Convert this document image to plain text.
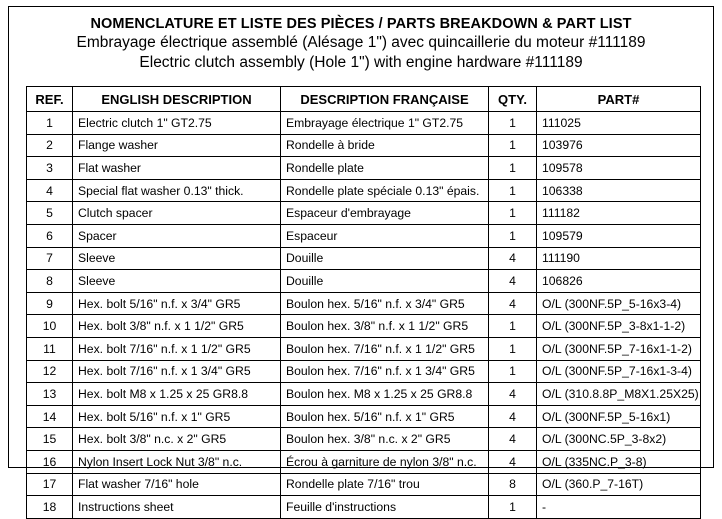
NOMENCLATURE ET LISTE DES PIÈCES / PARTS BREAKDOWN & PART LIST
Embrayage électrique assemblé (Alésage 1") avec quincaillerie du moteur #111189
Electric clutch assembly (Hole 1") with engine hardware #111189
REF.	ENGLISH DESCRIPTION	DESCRIPTION FRANÇAISE	QTY.	PART#
1	Electric clutch 1" GT2.75	Embrayage électrique 1" GT2.75	1	111025
2	Flange washer	Rondelle à bride	1	103976
3	Flat washer	Rondelle plate	1	109578
4	Special flat washer 0.13" thick.	Rondelle plate spéciale 0.13" épais.	1	106338
5	Clutch spacer	Espaceur d'embrayage	1	111182
6	Spacer	Espaceur	1	109579
7	Sleeve	Douille	4	111190
8	Sleeve	Douille	4	106826
9	Hex. bolt 5/16" n.f. x 3/4" GR5	Boulon hex. 5/16" n.f. x 3/4" GR5	4	O/L (300NF.5P_5-16x3-4)
10	Hex. bolt 3/8" n.f. x 1 1/2" GR5	Boulon hex. 3/8" n.f. x 1 1/2" GR5	1	O/L (300NF.5P_3-8x1-1-2)
11	Hex. bolt 7/16" n.f. x 1 1/2" GR5	Boulon hex. 7/16" n.f. x 1 1/2" GR5	1	O/L (300NF.5P_7-16x1-1-2)
12	Hex. bolt 7/16" n.f. x 1 3/4" GR5	Boulon hex. 7/16" n.f. x 1 3/4" GR5	1	O/L (300NF.5P_7-16x1-3-4)
13	Hex. bolt M8 x 1.25 x 25 GR8.8	Boulon hex. M8 x 1.25 x 25 GR8.8	4	O/L (310.8.8P_M8X1.25X25)
14	Hex. bolt 5/16" n.f. x 1" GR5	Boulon hex. 5/16" n.f. x 1" GR5	4	O/L (300NF.5P_5-16x1)
15	Hex. bolt 3/8" n.c. x 2" GR5	Boulon hex. 3/8" n.c. x 2" GR5	4	O/L (300NC.5P_3-8x2)
16	Nylon Insert Lock Nut 3/8" n.c.	Écrou à garniture de nylon 3/8" n.c.	4	O/L (335NC.P_3-8)
17	Flat washer 7/16" hole	Rondelle plate 7/16" trou	8	O/L (360.P_7-16T)
18	Instructions sheet	Feuille d'instructions	1	-
